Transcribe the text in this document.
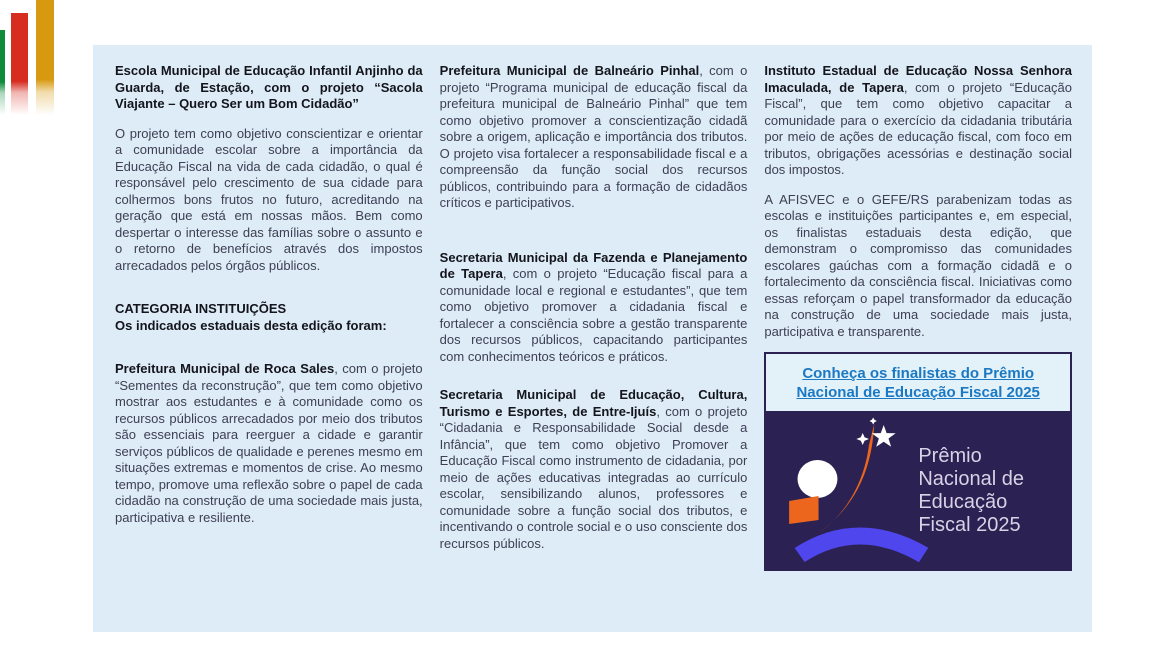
Escola Municipal de Educação Infantil Anjinho da Guarda, de Estação, com o projeto “Sacola Viajante – Quero Ser um Bom Cidadão”

O projeto tem como objetivo conscientizar e orientar a comunidade escolar sobre a importância da Educação Fiscal na vida de cada cidadão, o qual é responsável pelo crescimento de sua cidade para colhermos bons frutos no futuro, acreditando na geração que está em nossas mãos. Bem como despertar o interesse das famílias sobre o assunto e o retorno de benefícios através dos impostos arrecadados pelos órgãos públicos.

CATEGORIA INSTITUIÇÕES

Os indicados estaduais desta edição foram:

Prefeitura Municipal de Roca Sales, com o projeto “Sementes da reconstrução”, que tem como objetivo mostrar aos estudantes e à comunidade como os recursos públicos arrecadados por meio dos tributos são essenciais para reerguer a cidade e garantir serviços públicos de qualidade e perenes mesmo em situações extremas e momentos de crise. Ao mesmo tempo, promove uma reflexão sobre o papel de cada cidadão na construção de uma sociedade mais justa, participativa e resiliente.

Prefeitura Municipal de Balneário Pinhal, com o projeto “Programa municipal de educação fiscal da prefeitura municipal de Balneário Pinhal” que tem como objetivo promover a conscientização cidadã sobre a origem, aplicação e importância dos tributos. O projeto visa fortalecer a responsabilidade fiscal e a compreensão da função social dos recursos públicos, contribuindo para a formação de cidadãos críticos e participativos.

Secretaria Municipal da Fazenda e Planejamento de Tapera, com o projeto “Educação fiscal para a comunidade local e regional e estudantes”, que tem como objetivo promover a cidadania fiscal e fortalecer a consciência sobre a gestão transparente dos recursos públicos, capacitando participantes com conhecimentos teóricos e práticos.

Secretaria Municipal de Educação, Cultura, Turismo e Esportes, de Entre-Ijuís, com o projeto “Cidadania e Responsabilidade Social desde a Infância”, que tem como objetivo Promover a Educação Fiscal como instrumento de cidadania, por meio de ações educativas integradas ao currículo escolar, sensibilizando alunos, professores e comunidade sobre a função social dos tributos, e incentivando o controle social e o uso consciente dos recursos públicos.

Instituto Estadual de Educação Nossa Senhora Imaculada, de Tapera, com o projeto “Educação Fiscal”, que tem como objetivo capacitar a comunidade para o exercício da cidadania tributária por meio de ações de educação fiscal, com foco em tributos, obrigações acessórias e destinação social dos impostos.

A AFISVEC e o GEFE/RS parabenizam todas as escolas e instituições participantes e, em especial, os finalistas estaduais desta edição, que demonstram o compromisso das comunidades escolares gaúchas com a formação cidadã e o fortalecimento da consciência fiscal. Iniciativas como essas reforçam o papel transformador da educação na construção de uma sociedade mais justa, participativa e transparente.

Conheça os finalistas do Prêmio Nacional de Educação Fiscal 2025
Prêmio
Nacional de
Educação
Fiscal 2025
